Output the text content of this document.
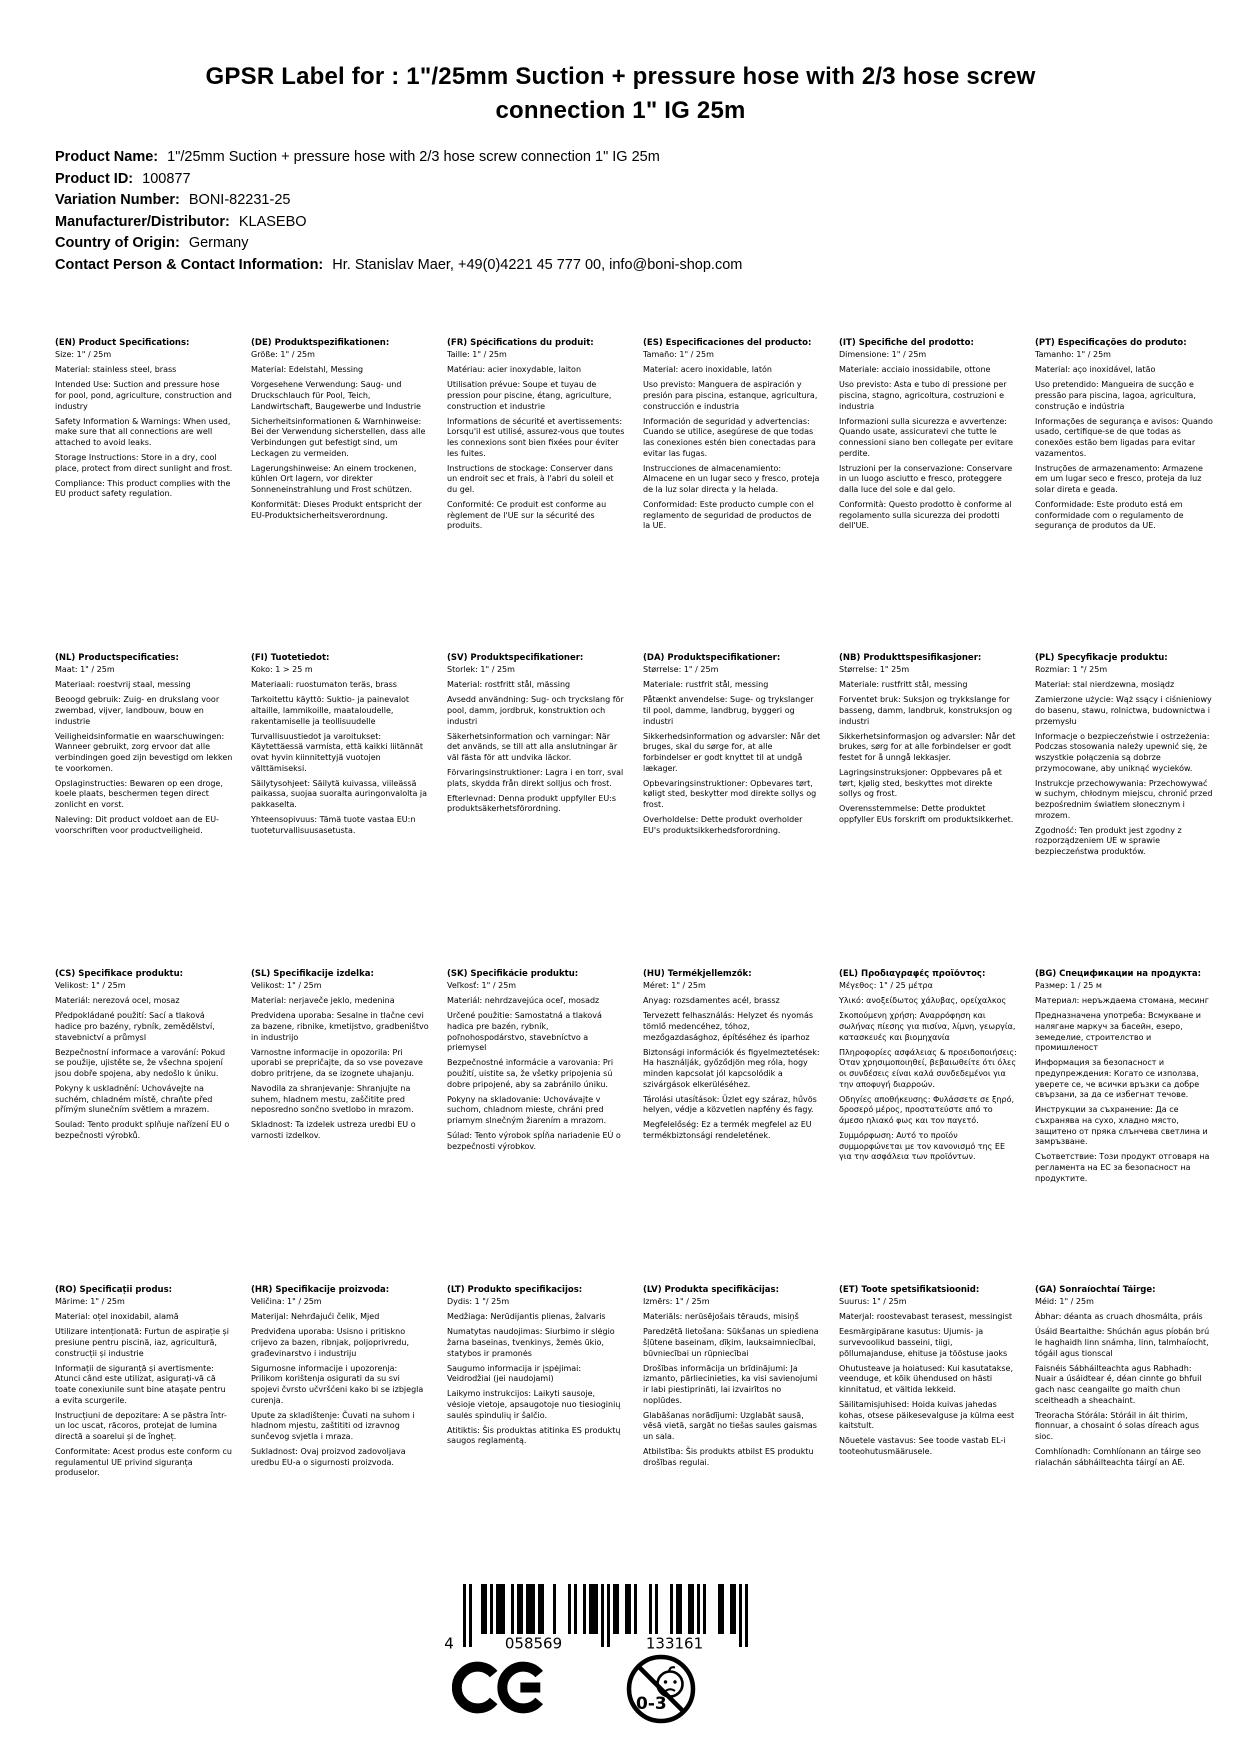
GPSR Label for : 1"/25mm Suction + pressure hose with 2/3 hose screw connection 1" IG 25m
Product Name: 1"/25mm Suction + pressure hose with 2/3 hose screw connection 1" IG 25m
Product ID: 100877
Variation Number: BONI-82231-25
Manufacturer/Distributor: KLASEBO
Country of Origin: Germany
Contact Person & Contact Information: Hr. Stanislav Maer, +49(0)4221 45 777 00, info@boni-shop.com
(EN) Product Specifications:

Size: 1" / 25m

Material: stainless steel, brass

Intended Use: Suction and pressure hose for pool, pond, agriculture, construction and industry

Safety Information & Warnings: When used, make sure that all connections are well attached to avoid leaks.

Storage Instructions: Store in a dry, cool place, protect from direct sunlight and frost.

Compliance: This product complies with the EU product safety regulation.

(DE) Produktspezifikationen:

Größe: 1" / 25m

Material: Edelstahl, Messing

Vorgesehene Verwendung: Saug- und Druckschlauch für Pool, Teich, Landwirtschaft, Baugewerbe und Industrie

Sicherheitsinformationen & Warnhinweise: Bei der Verwendung sicherstellen, dass alle Verbindungen gut befestigt sind, um Leckagen zu vermeiden.

Lagerungshinweise: An einem trockenen, kühlen Ort lagern, vor direkter Sonneneinstrahlung und Frost schützen.

Konformität: Dieses Produkt entspricht der EU-Produktsicherheitsverordnung.

(FR) Spécifications du produit:

Taille: 1" / 25m

Matériau: acier inoxydable, laiton

Utilisation prévue: Soupe et tuyau de pression pour piscine, étang, agriculture, construction et industrie

Informations de sécurité et avertissements: Lorsqu'il est utilisé, assurez-vous que toutes les connexions sont bien fixées pour éviter les fuites.

Instructions de stockage: Conserver dans un endroit sec et frais, à l'abri du soleil et du gel.

Conformité: Ce produit est conforme au règlement de l'UE sur la sécurité des produits.

(ES) Especificaciones del producto:

Tamaño: 1" / 25m

Material: acero inoxidable, latón

Uso previsto: Manguera de aspiración y presión para piscina, estanque, agricultura, construcción e industria

Información de seguridad y advertencias: Cuando se utilice, asegúrese de que todas las conexiones estén bien conectadas para evitar las fugas.

Instrucciones de almacenamiento: Almacene en un lugar seco y fresco, proteja de la luz solar directa y la helada.

Conformidad: Este producto cumple con el reglamento de seguridad de productos de la UE.

(IT) Specifiche del prodotto:

Dimensione: 1" / 25m

Materiale: acciaio inossidabile, ottone

Uso previsto: Asta e tubo di pressione per piscina, stagno, agricoltura, costruzioni e industria

Informazioni sulla sicurezza e avvertenze: Quando usate, assicuratevi che tutte le connessioni siano ben collegate per evitare perdite.

Istruzioni per la conservazione: Conservare in un luogo asciutto e fresco, proteggere dalla luce del sole e dal gelo.

Conformità: Questo prodotto è conforme al regolamento sulla sicurezza dei prodotti dell'UE.

(PT) Especificações do produto:

Tamanho: 1" / 25m

Material: aço inoxidável, latão

Uso pretendido: Mangueira de sucção e pressão para piscina, lagoa, agricultura, construção e indústria

Informações de segurança e avisos: Quando usado, certifique-se de que todas as conexões estão bem ligadas para evitar vazamentos.

Instruções de armazenamento: Armazene em um lugar seco e fresco, proteja da luz solar direta e geada.

Conformidade: Este produto está em conformidade com o regulamento de segurança de produtos da UE.

(NL) Productspecificaties:

Maat: 1" / 25m

Materiaal: roestvrij staal, messing

Beoogd gebruik: Zuig- en drukslang voor zwembad, vijver, landbouw, bouw en industrie

Veiligheidsinformatie en waarschuwingen: Wanneer gebruikt, zorg ervoor dat alle verbindingen goed zijn bevestigd om lekken te voorkomen.

Opslaginstructies: Bewaren op een droge, koele plaats, beschermen tegen direct zonlicht en vorst.

Naleving: Dit product voldoet aan de EU-voorschriften voor productveiligheid.

(FI) Tuotetiedot:

Koko: 1 > 25 m

Materiaali: ruostumaton teräs, brass

Tarkoitettu käyttö: Suktio- ja painevalot altaille, lammikoille, maataloudelle, rakentamiselle ja teollisuudelle

Turvallisuustiedot ja varoitukset: Käytettäessä varmista, että kaikki liitännät ovat hyvin kiinnitettyjä vuotojen välttämiseksi.

Säilytysohjeet: Säilytä kuivassa, viileässä paikassa, suojaa suoralta auringonvalolta ja pakkaselta.

Yhteensopivuus: Tämä tuote vastaa EU:n tuoteturvallisuusasetusta.

(SV) Produktspecifikationer:

Storlek: 1" / 25m

Material: rostfritt stål, mässing

Avsedd användning: Sug- och tryckslang för pool, damm, jordbruk, konstruktion och industri

Säkerhetsinformation och varningar: När det används, se till att alla anslutningar är väl fästa för att undvika läckor.

Förvaringsinstruktioner: Lagra i en torr, sval plats, skydda från direkt solljus och frost.

Efterlevnad: Denna produkt uppfyller EU:s produktsäkerhetsförordning.

(DA) Produktspecifikationer:

Størrelse: 1" / 25m

Materiale: rustfrit stål, messing

Påtænkt anvendelse: Suge- og trykslanger til pool, damme, landbrug, byggeri og industri

Sikkerhedsinformation og advarsler: Når det bruges, skal du sørge for, at alle forbindelser er godt knyttet til at undgå lækager.

Opbevaringsinstruktioner: Opbevares tørt, køligt sted, beskytter mod direkte sollys og frost.

Overholdelse: Dette produkt overholder EU's produktsikkerhedsforordning.

(NB) Produkttspesifikasjoner:

Størrelse: 1" 25m

Materiale: rustfritt stål, messing

Forventet bruk: Suksjon og trykkslange for basseng, damm, landbruk, konstruksjon og industri

Sikkerhetsinformasjon og advarsler: Når det brukes, sørg for at alle forbindelser er godt festet for å unngå lekkasjer.

Lagringsinstruksjoner: Oppbevares på et tørt, kjølig sted, beskyttes mot direkte sollys og frost.

Overensstemmelse: Dette produktet oppfyller EUs forskrift om produktsikkerhet.

(PL) Specyfikacje produktu:

Rozmiar: 1 "/ 25m

Materiał: stal nierdzewna, mosiądz

Zamierzone użycie: Wąż ssący i ciśnieniowy do basenu, stawu, rolnictwa, budownictwa i przemysłu

Informacje o bezpieczeństwie i ostrzeżenia: Podczas stosowania należy upewnić się, że wszystkie połączenia są dobrze przymocowane, aby uniknąć wycieków.

Instrukcje przechowywania: Przechowywać w suchym, chłodnym miejscu, chronić przed bezpośrednim światłem słonecznym i mrozem.

Zgodność: Ten produkt jest zgodny z rozporządzeniem UE w sprawie bezpieczeństwa produktów.

(CS) Specifikace produktu:

Velikost: 1" / 25m

Materiál: nerezová ocel, mosaz

Předpokládané použití: Sací a tlaková hadice pro bazény, rybník, zemědělství, stavebnictví a průmysl

Bezpečnostní informace a varování: Pokud se použije, ujistěte se, že všechna spojení jsou dobře spojena, aby nedošlo k úniku.

Pokyny k uskladnění: Uchovávejte na suchém, chladném místě, chraňte před přímým slunečním světlem a mrazem.

Soulad: Tento produkt splňuje nařízení EU o bezpečnosti výrobků.

(SL) Specifikacije izdelka:

Velikost: 1" / 25m

Material: nerjaveče jeklo, medenina

Predvidena uporaba: Sesalne in tlačne cevi za bazene, ribnike, kmetijstvo, gradbeništvo in industrijo

Varnostne informacije in opozorila: Pri uporabi se prepričajte, da so vse povezave dobro pritrjene, da se izognete uhajanju.

Navodila za shranjevanje: Shranjujte na suhem, hladnem mestu, zaščitite pred neposredno sončno svetlobo in mrazom.

Skladnost: Ta izdelek ustreza uredbi EU o varnosti izdelkov.

(SK) Špecifikácie produktu:

Veľkosť: 1" / 25m

Materiál: nehrdzavejúca oceľ, mosadz

Určené použitie: Samostatná a tlaková hadica pre bazén, rybník, poľnohospodárstvo, stavebníctvo a priemysel

Bezpečnostné informácie a varovania: Pri použití, uistite sa, že všetky pripojenia sú dobre pripojené, aby sa zabránilo úniku.

Pokyny na skladovanie: Uchovávajte v suchom, chladnom mieste, chráni pred priamym slnečným žiarením a mrazom.

Súlad: Tento výrobok spĺňa nariadenie EÚ o bezpečnosti výrobkov.

(HU) Termékjellemzők:

Méret: 1" / 25m

Anyag: rozsdamentes acél, brassz

Tervezett felhasználás: Helyzet és nyomás tömlő medencéhez, tóhoz, mezőgazdasághoz, építéséhez és iparhoz

Biztonsági információk és figyelmeztetések: Ha használják, győződjön meg róla, hogy minden kapcsolat jól kapcsolódik a szivárgások elkerüléséhez.

Tárolási utasítások: Üzlet egy száraz, hűvös helyen, védje a közvetlen napfény és fagy.

Megfelelőség: Ez a termék megfelel az EU termékbiztonsági rendeletének.

(EL) Προδιαγραφές προϊόντος:

Μέγεθος: 1" / 25 μέτρα

Υλικό: ανοξείδωτος χάλυβας, ορείχαλκος

Σκοπούμενη χρήση: Αναρρόφηση και σωλήνας πίεσης για πισίνα, λίμνη, γεωργία, κατασκευές και βιομηχανία

Πληροφορίες ασφάλειας & προειδοποιήσεις: Όταν χρησιμοποιηθεί, βεβαιωθείτε ότι όλες οι συνδέσεις είναι καλά συνδεδεμένοι για την αποφυγή διαρροών.

Οδηγίες αποθήκευσης: Φυλάσσετε σε ξηρό, δροσερό μέρος, προστατεύστε από το άμεσο ηλιακό φως και τον παγετό.

Συμμόρφωση: Αυτό το προϊόν συμμορφώνεται με τον κανονισμό της ΕΕ για την ασφάλεια των προϊόντων.

(BG) Спецификации на продукта:

Размер: 1 / 25 м

Материал: неръждаема стомана, месинг

Предназначена употреба: Всмукване и налягане маркуч за басейн, езеро, земеделие, строителство и промишленост

Информация за безопасност и предупреждения: Когато се използва, уверете се, че всички връзки са добре свързани, за да се избегнат течове.

Инструкции за съхранение: Да се съхранява на сухо, хладно място, защитено от пряка слънчева светлина и замръзване.

Съответствие: Този продукт отговаря на регламента на ЕС за безопасност на продуктите.

(RO) Specificații produs:

Mărime: 1" / 25m

Material: oțel inoxidabil, alamă

Utilizare intenționată: Furtun de aspirație și presiune pentru piscină, iaz, agricultură, construcții și industrie

Informații de siguranță și avertismente: Atunci când este utilizat, asigurați-vă că toate conexiunile sunt bine atașate pentru a evita scurgerile.

Instrucțiuni de depozitare: A se păstra într-un loc uscat, răcoros, protejat de lumina directă a soarelui și de îngheț.

Conformitate: Acest produs este conform cu regulamentul UE privind siguranța produselor.

(HR) Specifikacije proizvoda:

Veličina: 1" / 25m

Materijal: Nehrđajući čelik, Mjed

Predviđena uporaba: Usisno i pritiskno crijevo za bazen, ribnjak, poljoprivredu, građevinarstvo i industriju

Sigurnosne informacije i upozorenja: Prilikom korištenja osigurati da su svi spojevi čvrsto učvršćeni kako bi se izbjegla curenja.

Upute za skladištenje: Čuvati na suhom i hladnom mjestu, zaštititi od izravnog sunčevog svjetla i mraza.

Sukladnost: Ovaj proizvod zadovoljava uredbu EU-a o sigurnosti proizvoda.

(LT) Produkto specifikacijos:

Dydis: 1 "/ 25m

Medžiaga: Nerūdijantis plienas, žalvaris

Numatytas naudojimas: Siurbimo ir slėgio žarna baseinas, tvenkinys, žemės ūkio, statybos ir pramonės

Saugumo informacija ir įspėjimai: Veidrodžiai (jei naudojami)

Laikymo instrukcijos: Laikyti sausoje, vėsioje vietoje, apsaugotoje nuo tiesioginių saulės spindulių ir šalčio.

Atitiktis: Šis produktas atitinka ES produktų saugos reglamentą.

(LV) Produkta specifikācijas:

Izmērs: 1" / 25m

Materiāls: nerūsējošais tērauds, misiņš

Paredzētā lietošana: Sūkšanas un spiediena šļūtene baseinam, dīķim, lauksaimniecībai, būvniecībai un rūpniecībai

Drošības informācija un brīdinājumi: Ja izmanto, pārliecinieties, ka visi savienojumi ir labi piestiprināti, lai izvairītos no noplūdes.

Glabāšanas norādījumi: Uzglabāt sausā, vēsā vietā, sargāt no tiešas saules gaismas un sala.

Atbilstība: Šis produkts atbilst ES produktu drošības regulai.

(ET) Toote spetsifikatsioonid:

Suurus: 1" / 25m

Materjal: roostevabast terasest, messingist

Eesmärgipärane kasutus: Ujumis- ja survevoolikud basseini, tiigi, põllumajanduse, ehituse ja tööstuse jaoks

Ohutusteave ja hoiatused: Kui kasutatakse, veenduge, et kõik ühendused on hästi kinnitatud, et vältida lekkeid.

Säilitamisjuhised: Hoida kuivas jahedas kohas, otsese päikesevalguse ja külma eest kaitstult.

Nõuetele vastavus: See toode vastab EL-i tooteohutusmäärusele.

(GA) Sonraíochtaí Táirge:

Méid: 1" / 25m

Ábhar: déanta as cruach dhosmálta, práis

Úsáid Beartaithe: Shúchán agus píobán brú le haghaidh linn snámha, linn, talmhaíocht, tógáil agus tionscal

Faisnéis Sábháilteachta agus Rabhadh: Nuair a úsáidtear é, déan cinnte go bhfuil gach nasc ceangailte go maith chun sceitheadh a sheachaint.

Treoracha Stórála: Stóráil in áit thirim, fionnuar, a chosaint ó solas díreach agus sioc.

Comhlíonadh: Comhlíonann an táirge seo rialachán sábháilteachta táirgí an AE.

4	058569	133161
0-3
